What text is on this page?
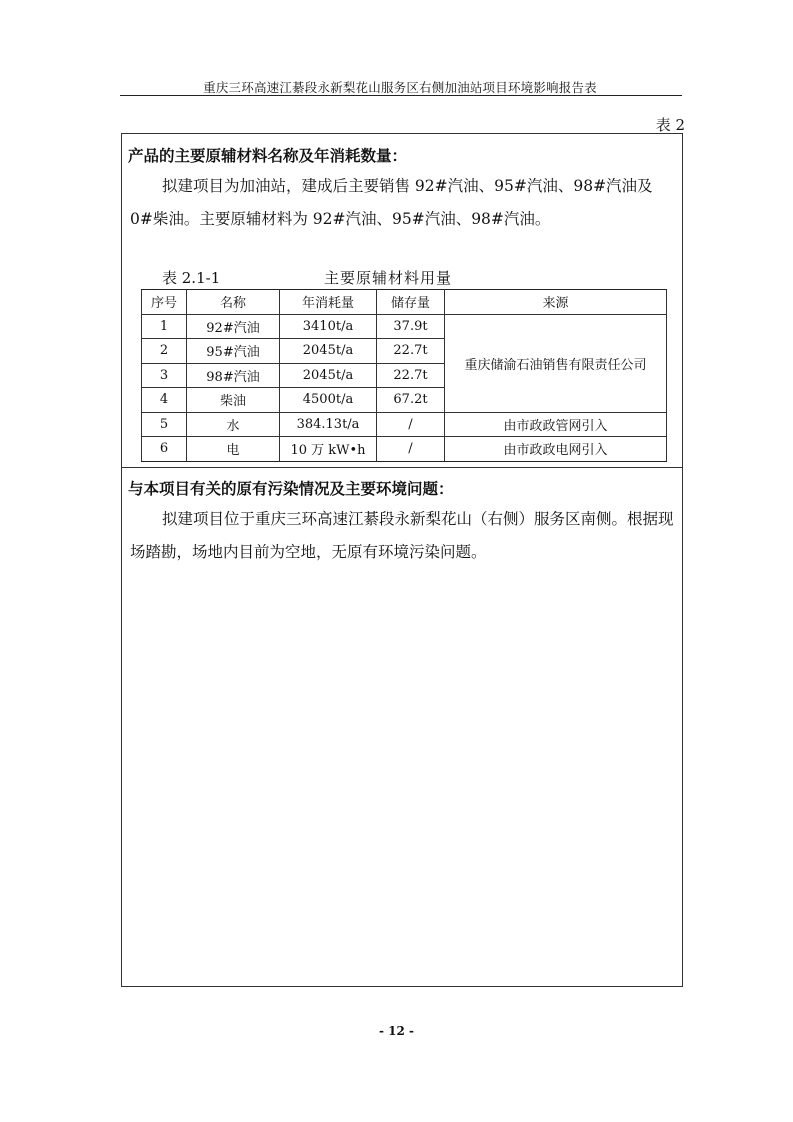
重庆三环高速江綦段永新梨花山服务区右侧加油站项目环境影响报告表
表 2
产品的主要原辅材料名称及年消耗数量：

拟建项目为加油站，建成后主要销售 92#汽油、95#汽油、98#汽油及 0#柴油。主要原辅材料为 92#汽油、95#汽油、98#汽油。

表 2.1-1	主要原辅材料用量
序号	名称	年消耗量	储存量	来源
1	92#汽油	3410t/a	37.9t	重庆储渝石油销售有限责任公司
2	95#汽油	2045t/a	22.7t	
3	98#汽油	2045t/a	22.7t	
4	柴油	4500t/a	67.2t	
5	水	384.13t/a	/	由市政政管网引入
6	电	10 万 kW•h	/	由市政政电网引入
与本项目有关的原有污染情况及主要环境问题：

拟建项目位于重庆三环高速江綦段永新梨花山（右侧）服务区南侧。根据现场踏勘，场地内目前为空地，无原有环境污染问题。

- 12 -
